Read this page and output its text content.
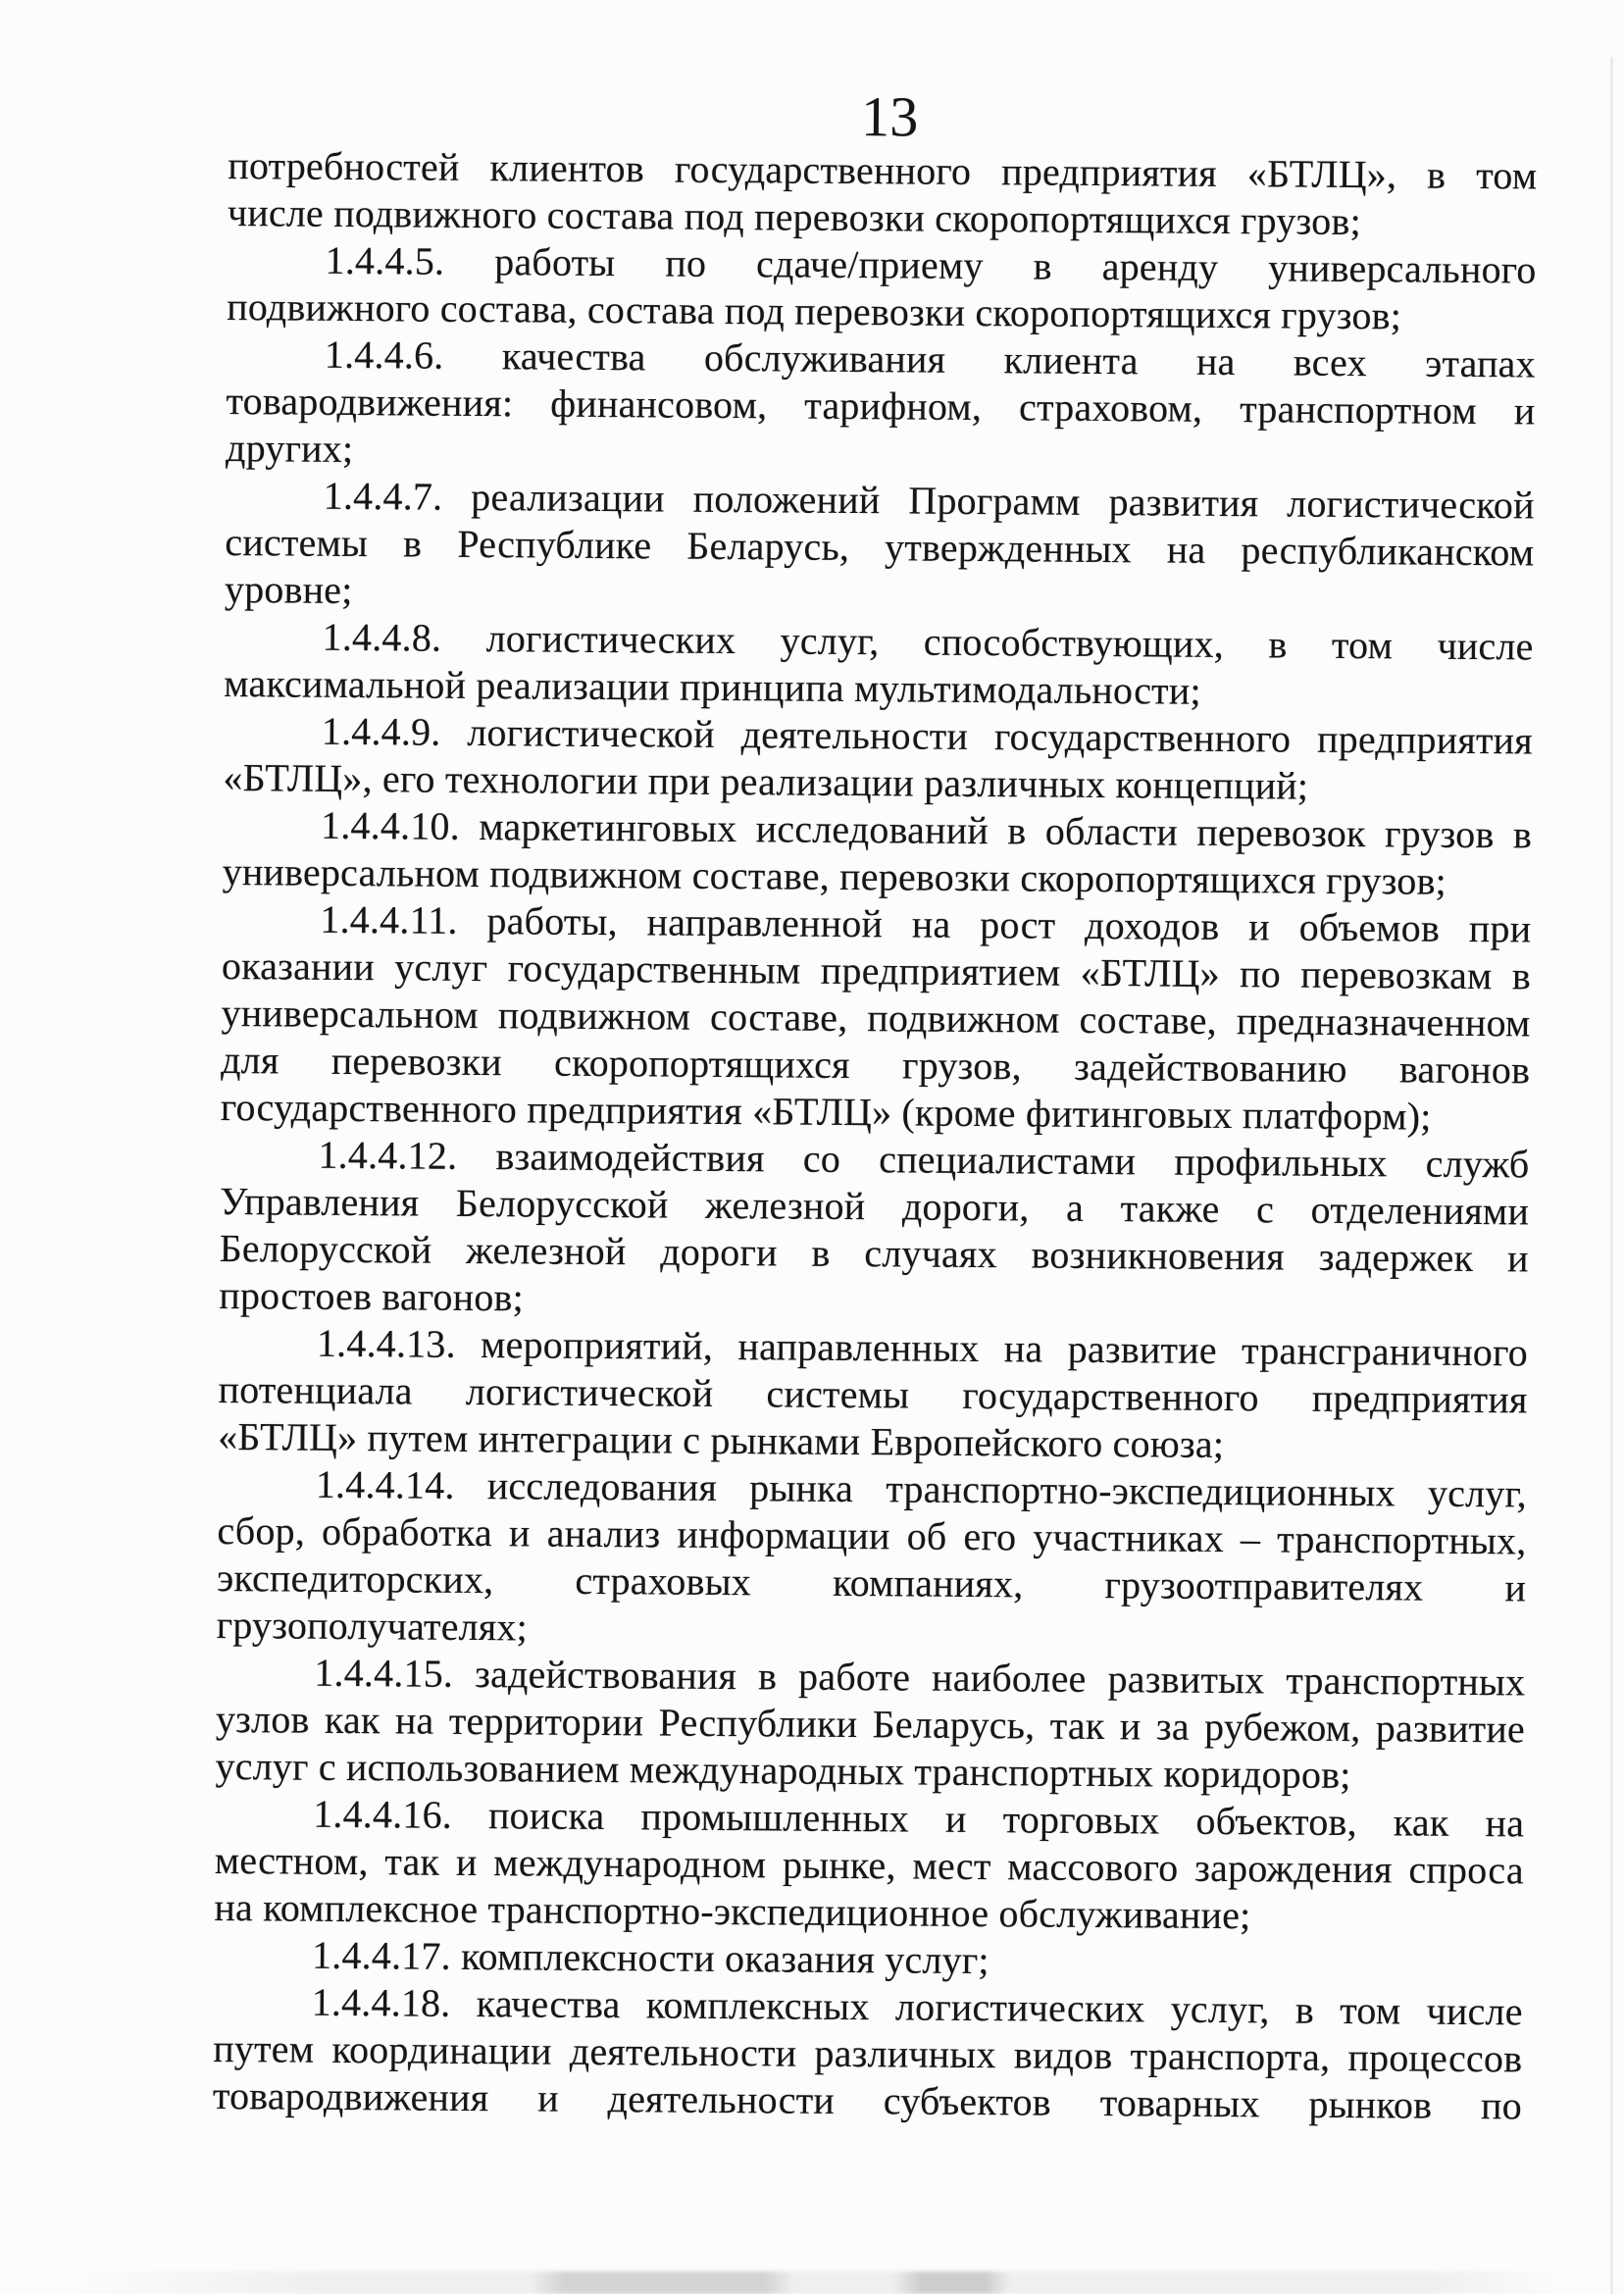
13
потребностей клиентов государственного предприятия «БТЛЦ», в том
числе подвижного состава под перевозки скоропортящихся грузов;
1.4.4.5. работы по сдаче/приему в аренду универсального
подвижного состава, состава под перевозки скоропортящихся грузов;
1.4.4.6. качества обслуживания клиента на всех этапах
товародвижения: финансовом, тарифном, страховом, транспортном и
других;
1.4.4.7. реализации положений Программ развития логистической
системы в Республике Беларусь, утвержденных на республиканском
уровне;
1.4.4.8. логистических услуг, способствующих, в том числе
максимальной реализации принципа мультимодальности;
1.4.4.9. логистической деятельности государственного предприятия
«БТЛЦ», его технологии при реализации различных концепций;
1.4.4.10. маркетинговых исследований в области перевозок грузов в
универсальном подвижном составе, перевозки скоропортящихся грузов;
1.4.4.11. работы, направленной на рост доходов и объемов при
оказании услуг государственным предприятием «БТЛЦ» по перевозкам в
универсальном подвижном составе, подвижном составе, предназначенном
для перевозки скоропортящихся грузов, задействованию вагонов
государственного предприятия «БТЛЦ» (кроме фитинговых платформ);
1.4.4.12. взаимодействия со специалистами профильных служб
Управления Белорусской железной дороги, а также с отделениями
Белорусской железной дороги в случаях возникновения задержек и
простоев вагонов;
1.4.4.13. мероприятий, направленных на развитие трансграничного
потенциала логистической системы государственного предприятия
«БТЛЦ» путем интеграции с рынками Европейского союза;
1.4.4.14. исследования рынка транспортно-экспедиционных услуг,
сбор, обработка и анализ информации об его участниках – транспортных,
экспедиторских, страховых компаниях, грузоотправителях и
грузополучателях;
1.4.4.15. задействования в работе наиболее развитых транспортных
узлов как на территории Республики Беларусь, так и за рубежом, развитие
услуг с использованием международных транспортных коридоров;
1.4.4.16. поиска промышленных и торговых объектов, как на
местном, так и международном рынке, мест массового зарождения спроса
на комплексное транспортно-экспедиционное обслуживание;
1.4.4.17. комплексности оказания услуг;
1.4.4.18. качества комплексных логистических услуг, в том числе
путем координации деятельности различных видов транспорта, процессов
товародвижения и деятельности субъектов товарных рынков по
